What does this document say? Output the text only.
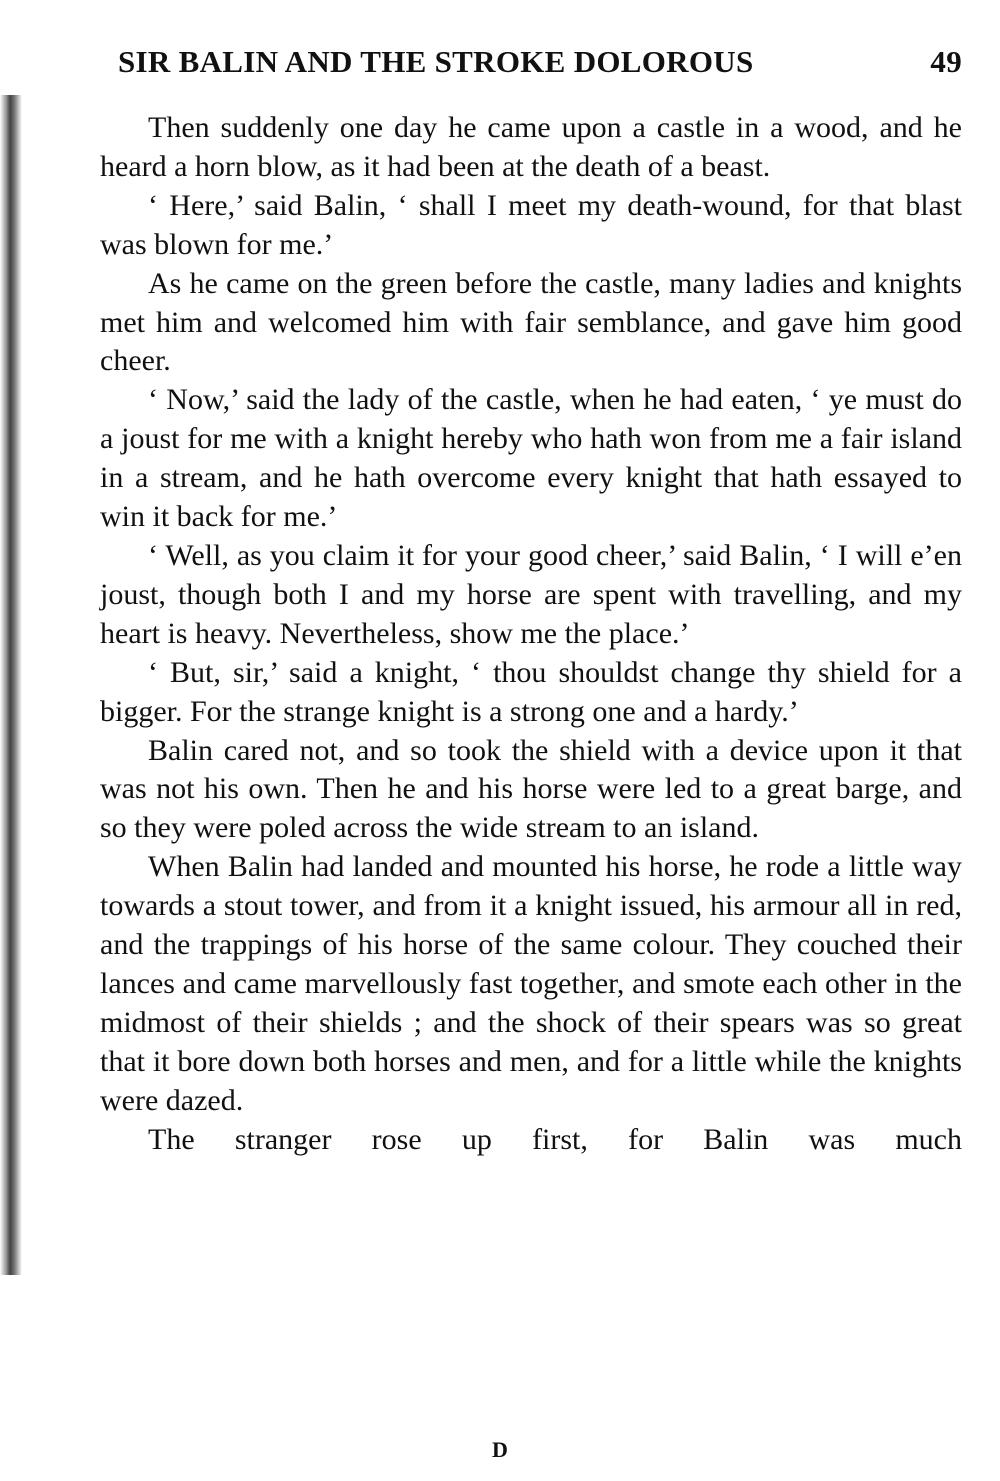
SIR BALIN AND THE STROKE DOLOROUS	49

Then suddenly one day he came upon a castle in a wood, and he heard a horn blow, as it had been at the death of a beast.

‘ Here,’ said Balin, ‘ shall I meet my death-wound, for that blast was blown for me.’

As he came on the green before the castle, many ladies and knights met him and welcomed him with fair semblance, and gave him good cheer.

‘ Now,’ said the lady of the castle, when he had eaten, ‘ ye must do a joust for me with a knight hereby who hath won from me a fair island in a stream, and he hath overcome every knight that hath essayed to win it back for me.’

‘ Well, as you claim it for your good cheer,’ said Balin, ‘ I will e’en joust, though both I and my horse are spent with travelling, and my heart is heavy. Nevertheless, show me the place.’

‘ But, sir,’ said a knight, ‘ thou shouldst change thy shield for a bigger. For the strange knight is a strong one and a hardy.’

Balin cared not, and so took the shield with a device upon it that was not his own. Then he and his horse were led to a great barge, and so they were poled across the wide stream to an island.

When Balin had landed and mounted his horse, he rode a little way towards a stout tower, and from it a knight issued, his armour all in red, and the trappings of his horse of the same colour. They couched their lances and came marvellously fast together, and smote each other in the midmost of their shields ; and the shock of their spears was so great that it bore down both horses and men, and for a little while the knights were dazed.

The stranger rose up first, for Balin was much

D
